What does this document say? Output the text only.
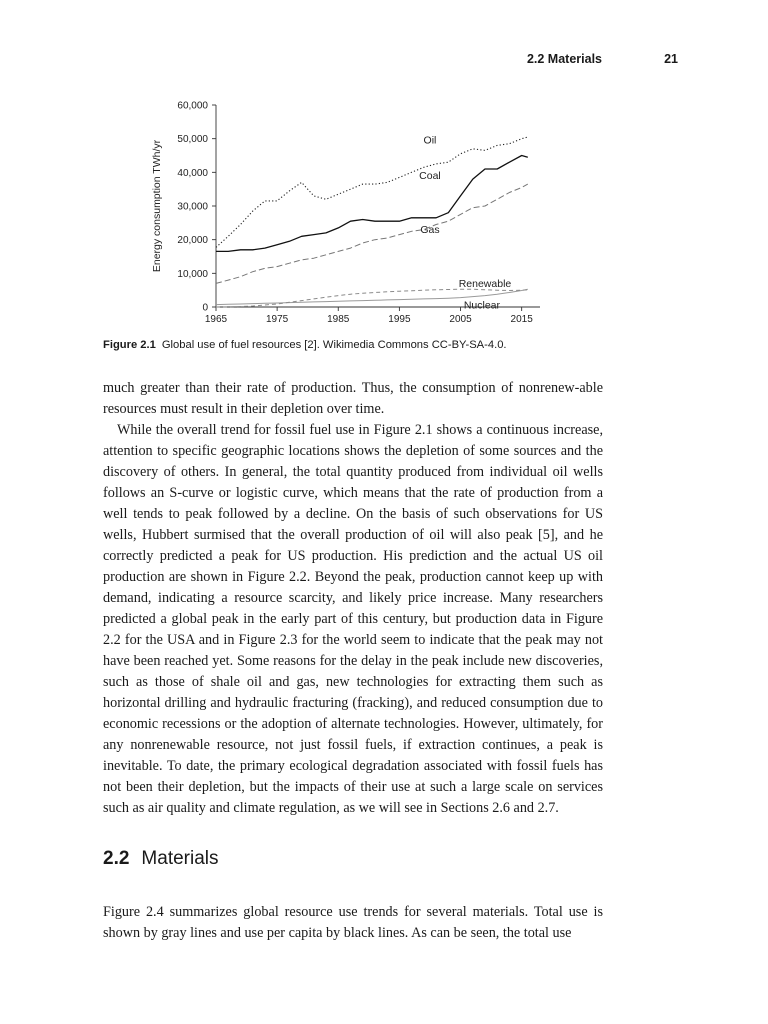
2.2 Materials	21
0
10,000
20,000
30,000
40,000
50,000
60,000
1965	1975	1985	1995	2005	2015
Energy consumption TWh/yr	Oil
Coal
Gas
Renewable
Nuclear
Figure 2.1 Global use of fuel resources [2]. Wikimedia Commons CC-BY-SA-4.0.

much greater than their rate of production. Thus, the consumption of nonrenew-able resources must result in their depletion over time.

While the overall trend for fossil fuel use in Figure 2.1 shows a continuous increase, attention to specific geographic locations shows the depletion of some sources and the discovery of others. In general, the total quantity produced from individual oil wells follows an S-curve or logistic curve, which means that the rate of production from a well tends to peak followed by a decline. On the basis of such observations for US wells, Hubbert surmised that the overall production of oil will also peak [5], and he correctly predicted a peak for US production. His prediction and the actual US oil production are shown in Figure 2.2. Beyond the peak, production cannot keep up with demand, indicating a resource scarcity, and likely price increase. Many researchers predicted a global peak in the early part of this century, but production data in Figure 2.2 for the USA and in Figure 2.3 for the world seem to indicate that the peak may not have been reached yet. Some reasons for the delay in the peak include new discoveries, such as those of shale oil and gas, new technologies for extracting them such as horizontal drilling and hydraulic fracturing (fracking), and reduced consumption due to economic recessions or the adoption of alternate technologies. However, ultimately, for any nonrenewable resource, not just fossil fuels, if extraction continues, a peak is inevitable. To date, the primary ecological degradation associated with fossil fuels has not been their depletion, but the impacts of their use at such a large scale on services such as air quality and climate regulation, as we will see in Sections 2.6 and 2.7.

2.2 Materials

Figure 2.4 summarizes global resource use trends for several materials. Total use is shown by gray lines and use per capita by black lines. As can be seen, the total use
